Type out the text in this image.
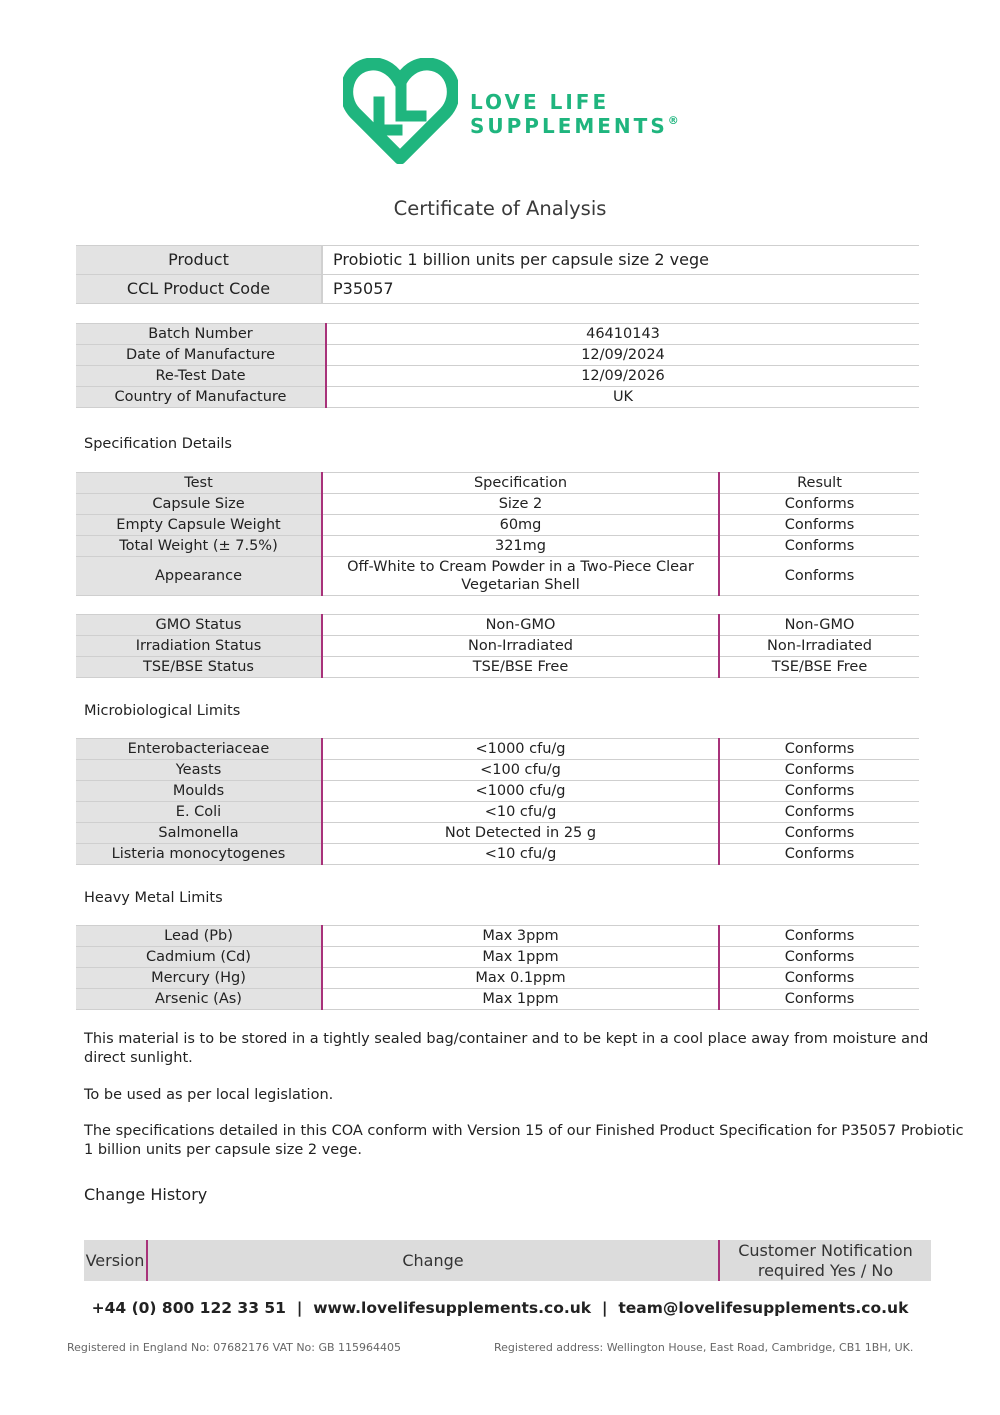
LOVE LIFE
SUPPLEMENTS®
Certificate of Analysis
Product	Probiotic 1 billion units per capsule size 2 vege
CCL Product Code	P35057
Batch Number	46410143
Date of Manufacture	12/09/2024
Re-Test Date	12/09/2026
Country of Manufacture	UK
Specification Details
Test	Specification	Result
Capsule Size	Size 2	Conforms
Empty Capsule Weight	60mg	Conforms
Total Weight (± 7.5%)	321mg	Conforms
Appearance	Off-White to Cream Powder in a Two-Piece Clear Vegetarian Shell	Conforms
GMO Status	Non-GMO	Non-GMO
Irradiation Status	Non-Irradiated	Non-Irradiated
TSE/BSE Status	TSE/BSE Free	TSE/BSE Free
Microbiological Limits
Enterobacteriaceae	<1000 cfu/g	Conforms
Yeasts	<100 cfu/g	Conforms
Moulds	<1000 cfu/g	Conforms
E. Coli	<10 cfu/g	Conforms
Salmonella	Not Detected in 25 g	Conforms
Listeria monocytogenes	<10 cfu/g	Conforms
Heavy Metal Limits
Lead (Pb)	Max 3ppm	Conforms
Cadmium (Cd)	Max 1ppm	Conforms
Mercury (Hg)	Max 0.1ppm	Conforms
Arsenic (As)	Max 1ppm	Conforms
This material is to be stored in a tightly sealed bag/container and to be kept in a cool place away from moisture and direct sunlight.
To be used as per local legislation.
The specifications detailed in this COA conform with Version 15 of our Finished Product Specification for P35057 Probiotic 1 billion units per capsule size 2 vege.
Change History
Version	Change	Customer Notification required Yes / No
+44 (0) 800 122 33 51  |  www.lovelifesupplements.co.uk  |  team@lovelifesupplements.co.uk
Registered in England No: 07682176 VAT No: GB 115964405	Registered address: Wellington House, East Road, Cambridge, CB1 1BH, UK.
